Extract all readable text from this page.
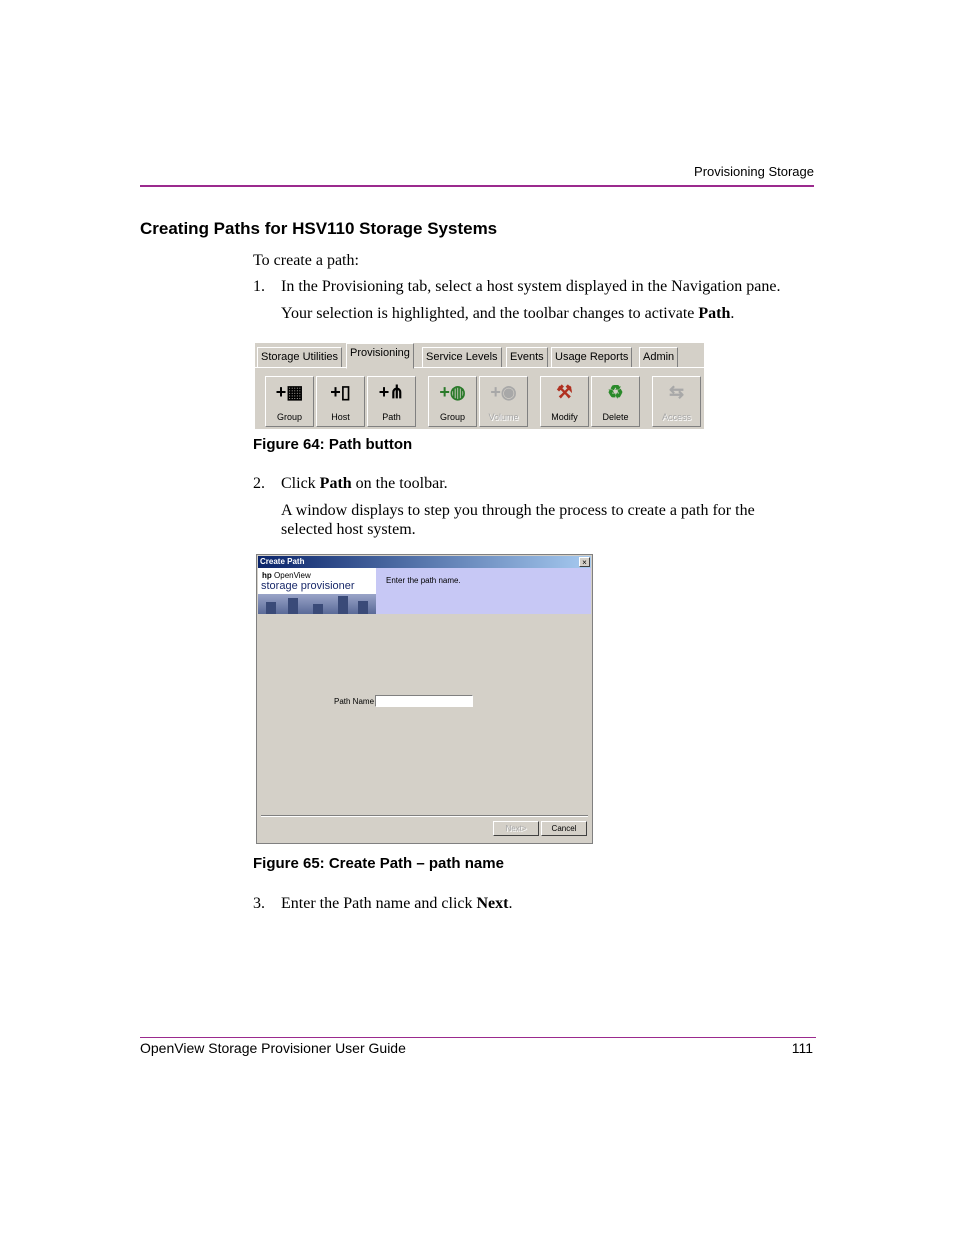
Provisioning Storage
Creating Paths for HSV110 Storage Systems
To create a path:
1. In the Provisioning tab, select a host system displayed in the Navigation pane.
Your selection is highlighted, and the toolbar changes to activate Path.
Storage Utilities	Provisioning	Service Levels	Events	Usage Reports	Admin
+▦
Group
+▯
Host
+⋔
Path
+◍
Group
+◉
Volume
⚒
Modify
♻
Delete
⇆
Access
Figure 64: Path button
2. Click Path on the toolbar.
A window displays to step you through the process to create a path for the
selected host system.
Create Path	×
hp OpenView
storage provisioner	Enter the path name.
Path Name
Next>	Cancel
Figure 65: Create Path – path name
3. Enter the Path name and click Next.
OpenView Storage Provisioner User Guide	111
